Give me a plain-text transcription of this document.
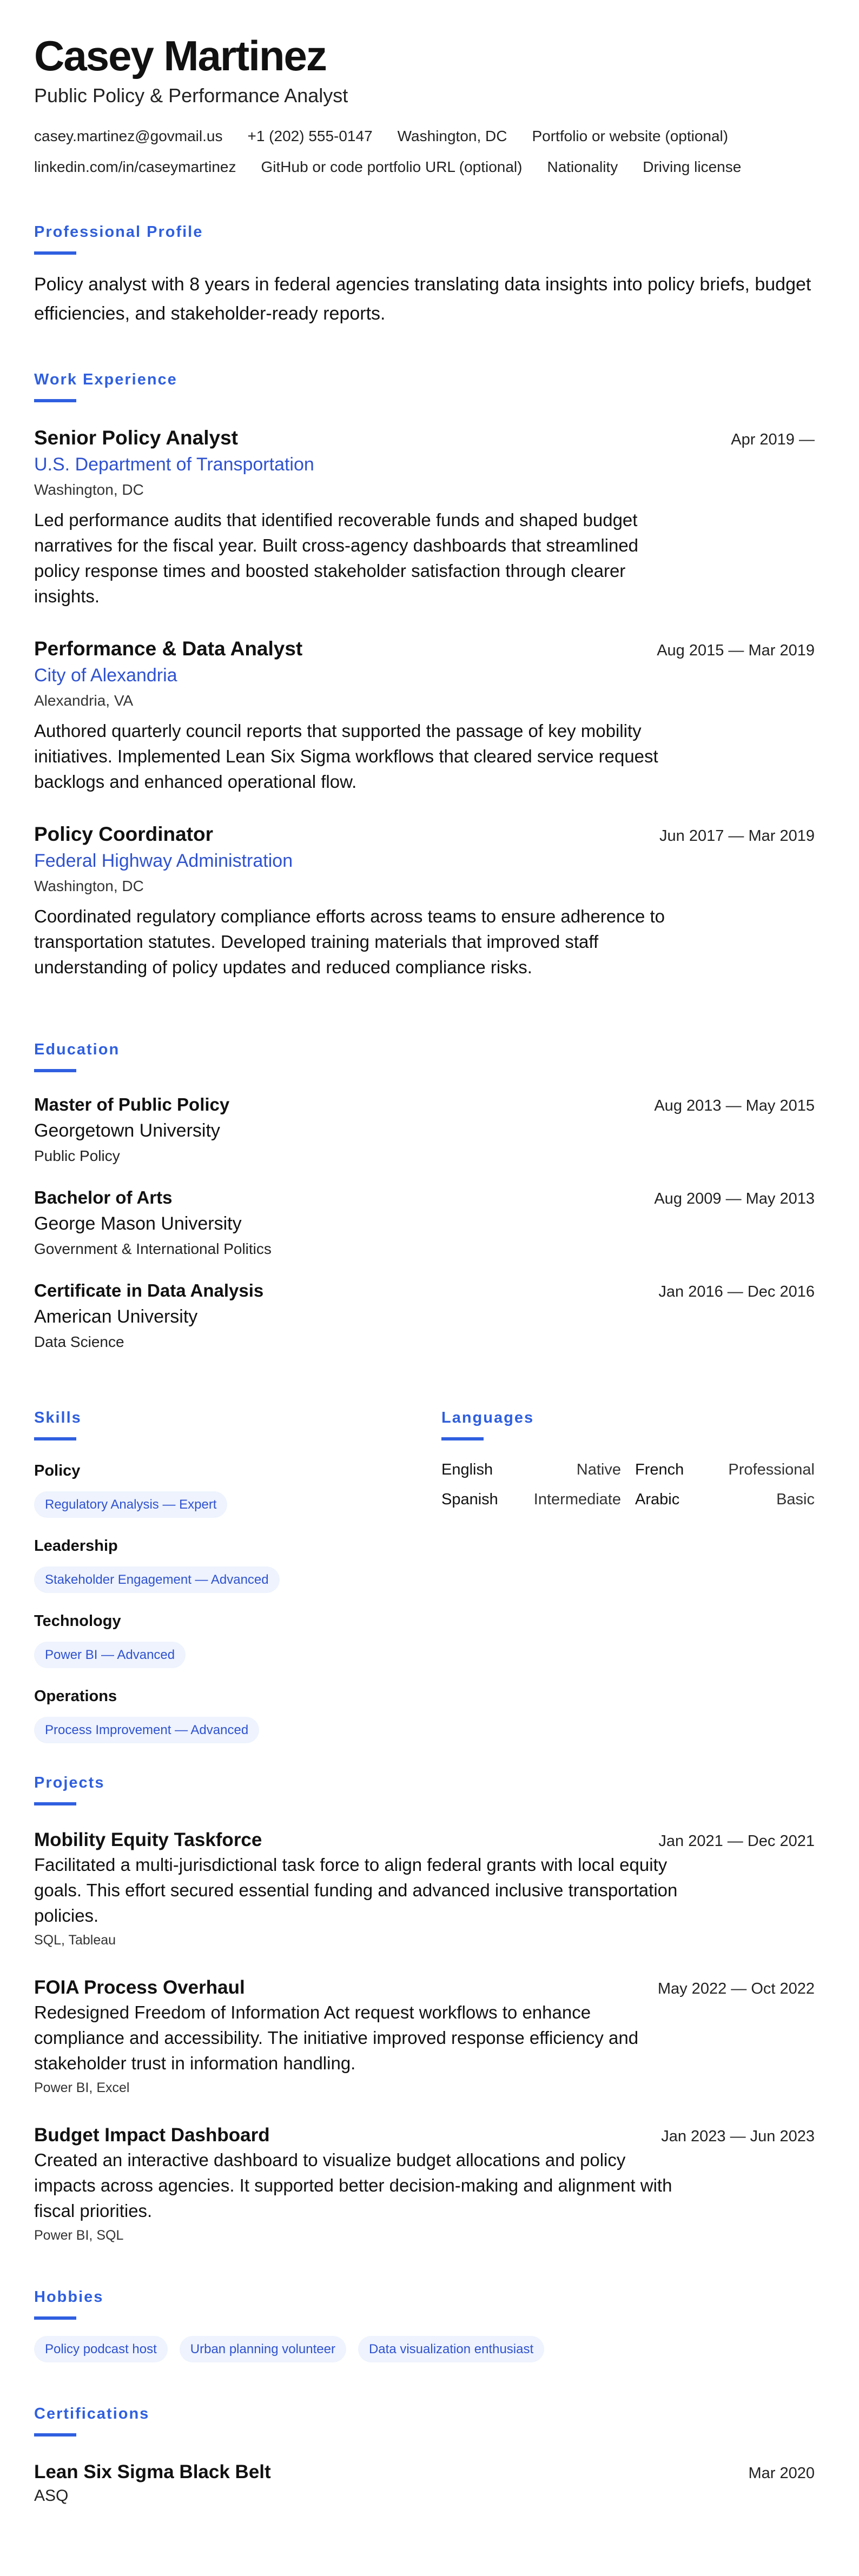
Casey Martinez
Public Policy & Performance Analyst
casey.martinez@govmail.us +1 (202) 555-0147 Washington, DC Portfolio or website (optional)
linkedin.com/in/caseymartinez GitHub or code portfolio URL (optional) Nationality Driving license
Professional Profile

Policy analyst with 8 years in federal agencies translating data insights into policy briefs, budget efficiencies, and stakeholder-ready reports.

Work Experience
Senior Policy Analyst	Apr 2019 —
U.S. Department of Transportation
Washington, DC

Led performance audits that identified recoverable funds and shaped budget narratives for the fiscal year. Built cross-agency dashboards that streamlined policy response times and boosted stakeholder satisfaction through clearer insights.

Performance & Data Analyst	Aug 2015 — Mar 2019
City of Alexandria
Alexandria, VA

Authored quarterly council reports that supported the passage of key mobility initiatives. Implemented Lean Six Sigma workflows that cleared service request backlogs and enhanced operational flow.

Policy Coordinator	Jun 2017 — Mar 2019
Federal Highway Administration
Washington, DC

Coordinated regulatory compliance efforts across teams to ensure adherence to transportation statutes. Developed training materials that improved staff understanding of policy updates and reduced compliance risks.

Education
Master of Public Policy	Aug 2013 — May 2015
Georgetown University
Public Policy
Bachelor of Arts	Aug 2009 — May 2013
George Mason University
Government & International Politics
Certificate in Data Analysis	Jan 2016 — Dec 2016
American University
Data Science
Skills
Policy
Regulatory Analysis — Expert
Leadership
Stakeholder Engagement — Advanced
Technology
Power BI — Advanced
Operations
Process Improvement — Advanced
Languages
English	Native French	Professional
Spanish Intermediate Arabic	Basic
Projects
Mobility Equity Taskforce	Jan 2021 — Dec 2021

Facilitated a multi-jurisdictional task force to align federal grants with local equity goals. This effort secured essential funding and advanced inclusive transportation policies.

SQL, Tableau
FOIA Process Overhaul	May 2022 — Oct 2022

Redesigned Freedom of Information Act request workflows to enhance compliance and accessibility. The initiative improved response efficiency and stakeholder trust in information handling.

Power BI, Excel
Budget Impact Dashboard	Jan 2023 — Jun 2023

Created an interactive dashboard to visualize budget allocations and policy impacts across agencies. It supported better decision-making and alignment with fiscal priorities.

Power BI, SQL
Hobbies
Policy podcast host	Urban planning volunteer	Data visualization enthusiast
Certifications
Lean Six Sigma Black Belt	Mar 2020
ASQ
